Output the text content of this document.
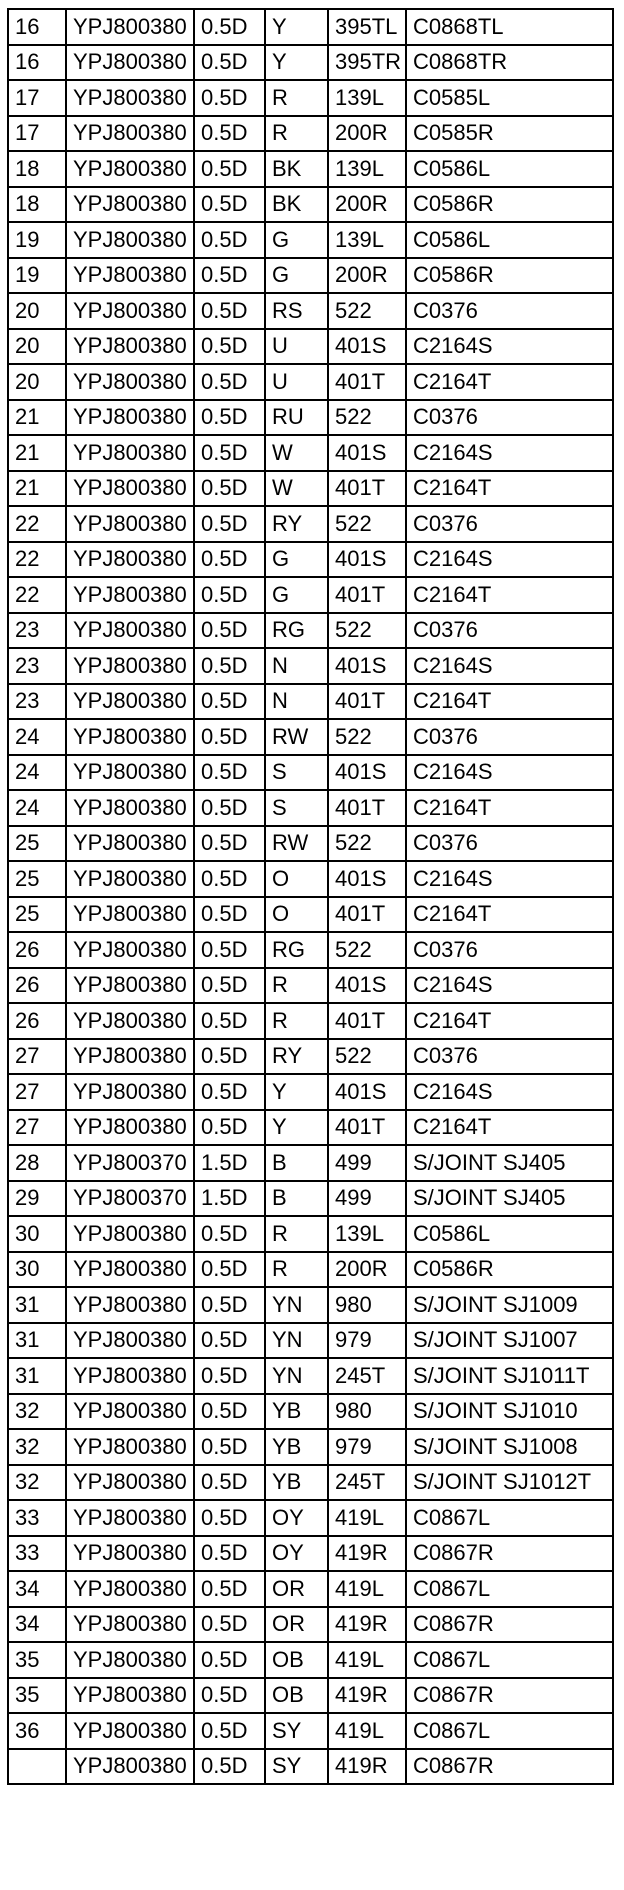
16	YPJ800380	0.5D	Y	395TL	C0868TL
16	YPJ800380	0.5D	Y	395TR	C0868TR
17	YPJ800380	0.5D	R	139L	C0585L
17	YPJ800380	0.5D	R	200R	C0585R
18	YPJ800380	0.5D	BK	139L	C0586L
18	YPJ800380	0.5D	BK	200R	C0586R
19	YPJ800380	0.5D	G	139L	C0586L
19	YPJ800380	0.5D	G	200R	C0586R
20	YPJ800380	0.5D	RS	522	C0376
20	YPJ800380	0.5D	U	401S	C2164S
20	YPJ800380	0.5D	U	401T	C2164T
21	YPJ800380	0.5D	RU	522	C0376
21	YPJ800380	0.5D	W	401S	C2164S
21	YPJ800380	0.5D	W	401T	C2164T
22	YPJ800380	0.5D	RY	522	C0376
22	YPJ800380	0.5D	G	401S	C2164S
22	YPJ800380	0.5D	G	401T	C2164T
23	YPJ800380	0.5D	RG	522	C0376
23	YPJ800380	0.5D	N	401S	C2164S
23	YPJ800380	0.5D	N	401T	C2164T
24	YPJ800380	0.5D	RW	522	C0376
24	YPJ800380	0.5D	S	401S	C2164S
24	YPJ800380	0.5D	S	401T	C2164T
25	YPJ800380	0.5D	RW	522	C0376
25	YPJ800380	0.5D	O	401S	C2164S
25	YPJ800380	0.5D	O	401T	C2164T
26	YPJ800380	0.5D	RG	522	C0376
26	YPJ800380	0.5D	R	401S	C2164S
26	YPJ800380	0.5D	R	401T	C2164T
27	YPJ800380	0.5D	RY	522	C0376
27	YPJ800380	0.5D	Y	401S	C2164S
27	YPJ800380	0.5D	Y	401T	C2164T
28	YPJ800370	1.5D	B	499	S/JOINT SJ405
29	YPJ800370	1.5D	B	499	S/JOINT SJ405
30	YPJ800380	0.5D	R	139L	C0586L
30	YPJ800380	0.5D	R	200R	C0586R
31	YPJ800380	0.5D	YN	980	S/JOINT SJ1009
31	YPJ800380	0.5D	YN	979	S/JOINT SJ1007
31	YPJ800380	0.5D	YN	245T	S/JOINT SJ1011T
32	YPJ800380	0.5D	YB	980	S/JOINT SJ1010
32	YPJ800380	0.5D	YB	979	S/JOINT SJ1008
32	YPJ800380	0.5D	YB	245T	S/JOINT SJ1012T
33	YPJ800380	0.5D	OY	419L	C0867L
33	YPJ800380	0.5D	OY	419R	C0867R
34	YPJ800380	0.5D	OR	419L	C0867L
34	YPJ800380	0.5D	OR	419R	C0867R
35	YPJ800380	0.5D	OB	419L	C0867L
35	YPJ800380	0.5D	OB	419R	C0867R
36	YPJ800380	0.5D	SY	419L	C0867L
	YPJ800380	0.5D	SY	419R	C0867R
